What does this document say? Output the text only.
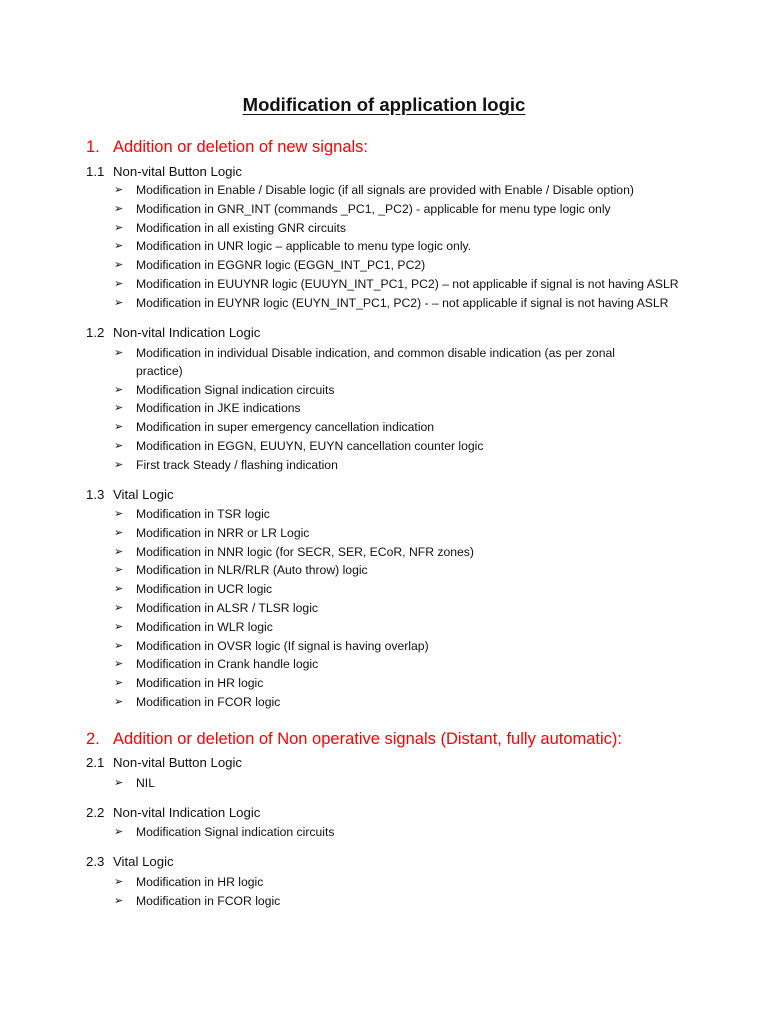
Modification of application logic
1. Addition or deletion of new signals:
1.1 Non-vital Button Logic
➢ Modification in Enable / Disable logic (if all signals are provided with Enable / Disable option)
➢ Modification in GNR_INT (commands _PC1, _PC2) - applicable for menu type logic only
➢ Modification in all existing GNR circuits
➢ Modification in UNR logic – applicable to menu type logic only.
➢ Modification in EGGNR logic (EGGN_INT_PC1, PC2)
➢ Modification in EUUYNR logic (EUUYN_INT_PC1, PC2) – not applicable if signal is not having ASLR
➢ Modification in EUYNR logic (EUYN_INT_PC1, PC2) - – not applicable if signal is not having ASLR
1.2 Non-vital Indication Logic
➢ Modification in individual Disable indication, and common disable indication (as per zonal practice)
➢ Modification Signal indication circuits
➢ Modification in JKE indications
➢ Modification in super emergency cancellation indication
➢ Modification in EGGN, EUUYN, EUYN cancellation counter logic
➢ First track Steady / flashing indication
1.3 Vital Logic
➢ Modification in TSR logic
➢ Modification in NRR or LR Logic
➢ Modification in NNR logic (for SECR, SER, ECoR, NFR zones)
➢ Modification in NLR/RLR (Auto throw) logic
➢ Modification in UCR logic
➢ Modification in ALSR / TLSR logic
➢ Modification in WLR logic
➢ Modification in OVSR logic (If signal is having overlap)
➢ Modification in Crank handle logic
➢ Modification in HR logic
➢ Modification in FCOR logic
2. Addition or deletion of Non operative signals (Distant, fully automatic):
2.1 Non-vital Button Logic
➢ NIL
2.2 Non-vital Indication Logic
➢ Modification Signal indication circuits
2.3 Vital Logic
➢ Modification in HR logic
➢ Modification in FCOR logic
